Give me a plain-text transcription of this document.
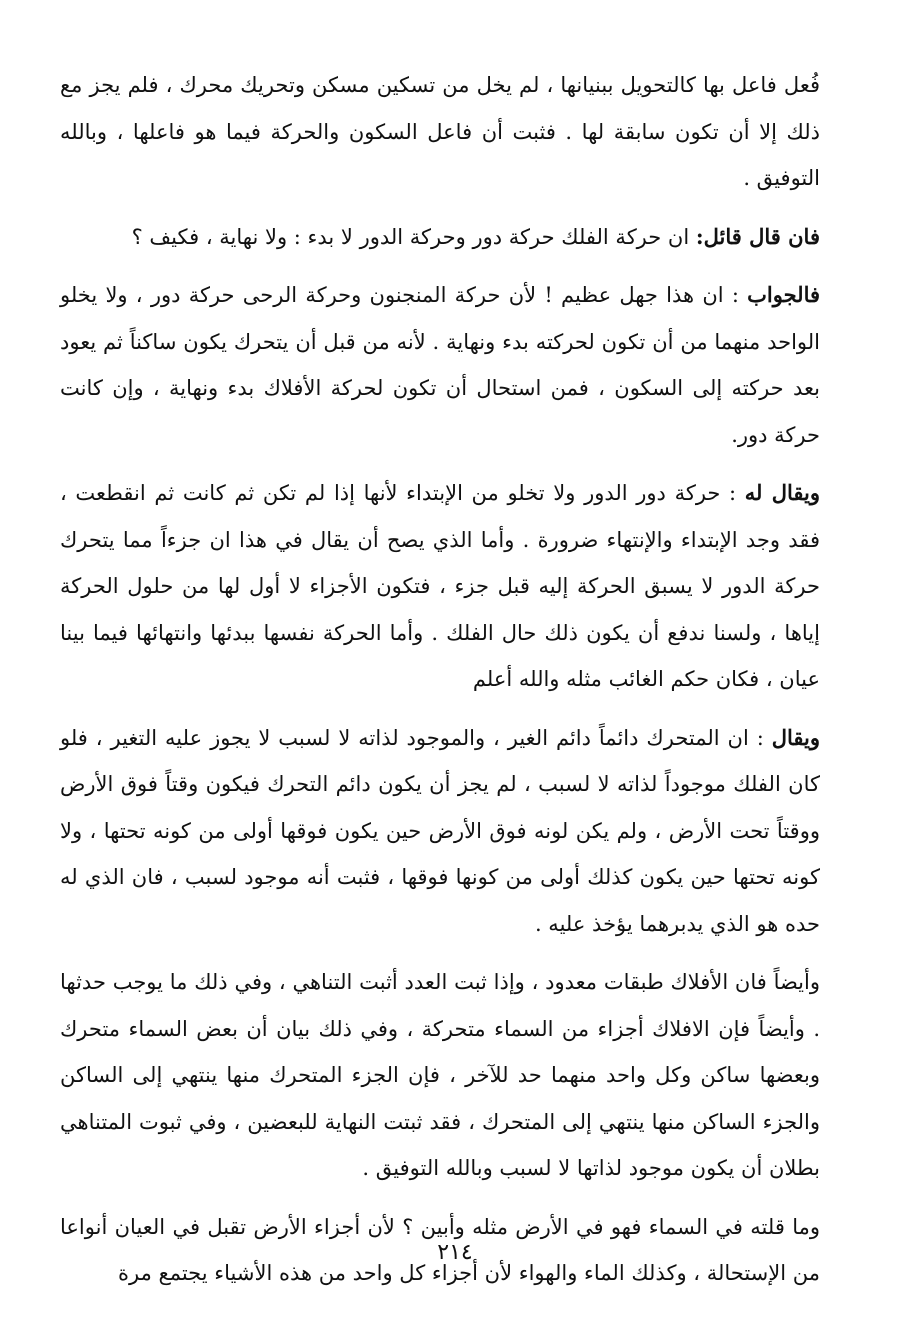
فُعل فاعل بها كالتحويل ببنيانها ، لم يخل من تسكين مسكن وتحريك محرك ، فلم يجز مع ذلك إلا أن تكون سابقة لها . فثبت أن فاعل السكون والحركة فيما هو فاعلها ، وبالله التوفيق .

فان قال قائل: ان حركة الفلك حركة دور وحركة الدور لا بدء : ولا نهاية ، فكيف ؟

فالجواب : ان هذا جهل عظيم ! لأن حركة المنجنون وحركة الرحى حركة دور ، ولا يخلو الواحد منهما من أن تكون لحركته بدء ونهاية . لأنه من قبل أن يتحرك يكون ساكناً ثم يعود بعد حركته إلى السكون ، فمن استحال أن تكون لحركة الأفلاك بدء ونهاية ، وإن كانت حركة دور.

ويقال له : حركة دور الدور ولا تخلو من الإبتداء لأنها إذا لم تكن ثم كانت ثم انقطعت ، فقد وجد الإبتداء والإنتهاء ضرورة . وأما الذي يصح أن يقال في هذا ان جزءاً مما يتحرك حركة الدور لا يسبق الحركة إليه قبل جزء ، فتكون الأجزاء لا أول لها من حلول الحركة إياها ، ولسنا ندفع أن يكون ذلك حال الفلك . وأما الحركة نفسها ببدئها وانتهائها فيما بينا عيان ، فكان حكم الغائب مثله والله أعلم

ويقال : ان المتحرك دائماً دائم الغير ، والموجود لذاته لا لسبب لا يجوز عليه التغير ، فلو كان الفلك موجوداً لذاته لا لسبب ، لم يجز أن يكون دائم التحرك فيكون وقتاً فوق الأرض ووقتاً تحت الأرض ، ولم يكن لونه فوق الأرض حين يكون فوقها أولى من كونه تحتها ، ولا كونه تحتها حين يكون كذلك أولى من كونها فوقها ، فثبت أنه موجود لسبب ، فان الذي له حده هو الذي يدبرهما يؤخذ عليه .

وأيضاً فان الأفلاك طبقات معدود ، وإذا ثبت العدد أثبت التناهي ، وفي ذلك ما يوجب حدثها . وأيضاً فإن الافلاك أجزاء من السماء متحركة ، وفي ذلك بيان أن بعض السماء متحرك وبعضها ساكن وكل واحد منهما حد للآخر ، فإن الجزء المتحرك منها ينتهي إلى الساكن والجزء الساكن منها ينتهي إلى المتحرك ، فقد ثبتت النهاية للبعضين ، وفي ثبوت المتناهي بطلان أن يكون موجود لذاتها لا لسبب وبالله التوفيق .

وما قلته في السماء فهو في الأرض مثله وأبين ؟ لأن أجزاء الأرض تقبل في العيان أنواعا من الإستحالة ، وكذلك الماء والهواء لأن أجزاء كل واحد من هذه الأشياء يجتمع مرة

٢١٤
